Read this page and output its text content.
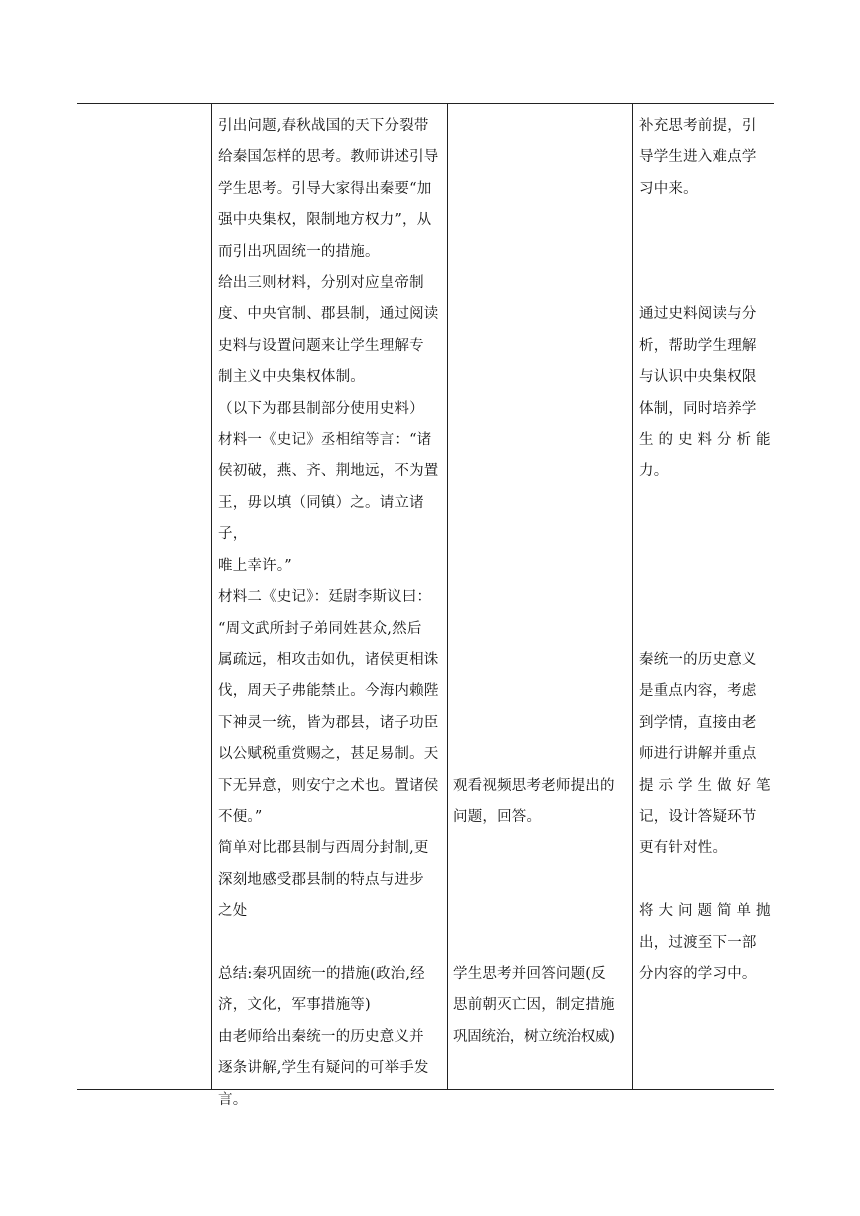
引出问题,春秋战国的天下分裂带

给秦国怎样的思考。教师讲述引导

学生思考。引导大家得出秦要“加

强中央集权，限制地方权力”，从

而引出巩固统一的措施。

给出三则材料，分别对应皇帝制

度、中央官制、郡县制，通过阅读

史料与设置问题来让学生理解专

制主义中央集权体制。

（以下为郡县制部分使用史料）

材料一《史记》丞相绾等言：“诸

侯初破，燕、齐、荆地远，不为置

王，毋以填（同镇）之。请立诸子，

唯上幸许。”

材料二《史记》：廷尉李斯议曰：

“周文武所封子弟同姓甚众,然后

属疏远，相攻击如仇，诸侯更相诛

伐，周天子弗能禁止。今海内赖陛

下神灵一统，皆为郡县，诸子功臣

以公赋税重赏赐之，甚足易制。天

下无异意，则安宁之术也。置诸侯

不便。”

简单对比郡县制与西周分封制,更

深刻地感受郡县制的特点与进步

之处

总结:秦巩固统一的措施(政治,经

济，文化，军事措施等)

由老师给出秦统一的历史意义并

逐条讲解,学生有疑问的可举手发

言。

观看视频思考老师提出的

问题，回答。

学生思考并回答问题(反

思前朝灭亡因，制定措施

巩固统治，树立统治权威)

补充思考前提，引

导学生进入难点学

习中来。

通过史料阅读与分

析，帮助学生理解

与认识中央集权限

体制，同时培养学

生 的 史 料 分 析 能

力。

秦统一的历史意义

是重点内容，考虑

到学情，直接由老

师进行讲解并重点

提 示 学 生 做 好 笔

记，设计答疑环节

更有针对性。

将 大 问 题 简 单 抛

出，过渡至下一部

分内容的学习中。
